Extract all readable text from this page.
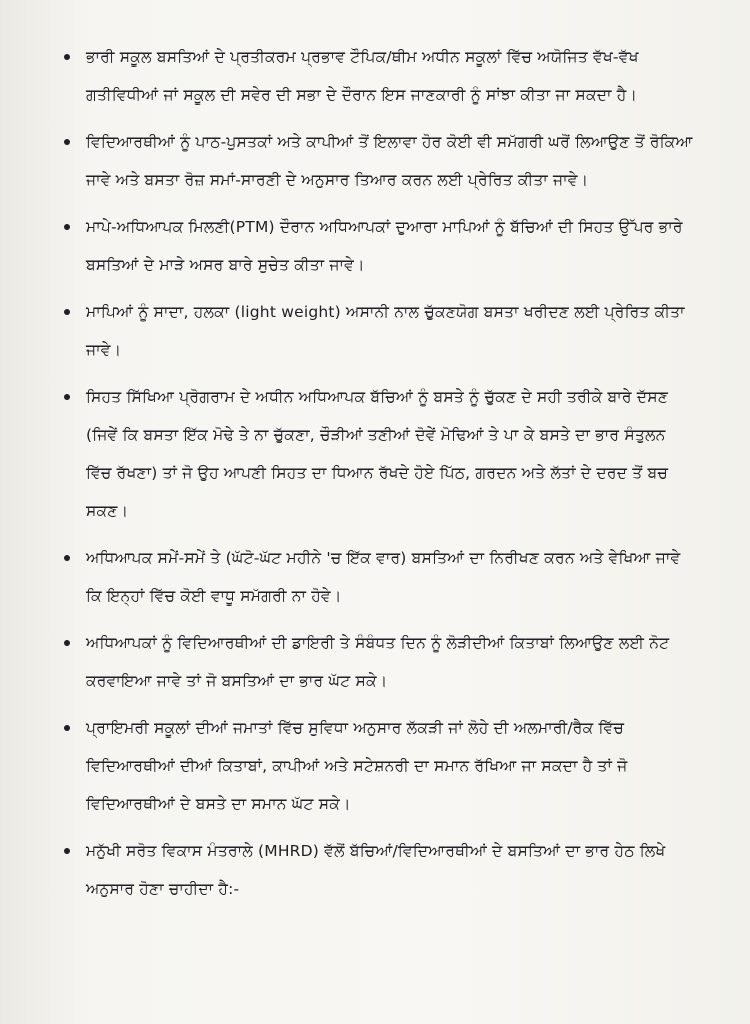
ਭਾਰੀ ਸਕੂਲ ਬਸਤਿਆਂ ਦੇ ਪ੍ਰਤੀਕਰਮ ਪ੍ਰਭਾਵ ਟੌਪਿਕ/ਥੀਮ ਅਧੀਨ ਸਕੂਲਾਂ ਵਿੱਚ ਅਯੋਜਿਤ ਵੱਖ-ਵੱਖ ਗਤੀਵਿਧੀਆਂ ਜਾਂ ਸਕੂਲ ਦੀ ਸਵੇਰ ਦੀ ਸਭਾ ਦੇ ਦੌਰਾਨ ਇਸ ਜਾਣਕਾਰੀ ਨੂੰ ਸਾਂਝਾ ਕੀਤਾ ਜਾ ਸਕਦਾ ਹੈ।
ਵਿਦਿਆਰਥੀਆਂ ਨੂੰ ਪਾਠ-ਪੁਸਤਕਾਂ ਅਤੇ ਕਾਪੀਆਂ ਤੋਂ ਇਲਾਵਾ ਹੋਰ ਕੋਈ ਵੀ ਸਮੱਗਰੀ ਘਰੋਂ ਲਿਆਉਣ ਤੋਂ ਰੋਕਿਆ ਜਾਵੇ ਅਤੇ ਬਸਤਾ ਰੋਜ਼ ਸਮਾਂ-ਸਾਰਣੀ ਦੇ ਅਨੁਸਾਰ ਤਿਆਰ ਕਰਨ ਲਈ ਪ੍ਰੇਰਿਤ ਕੀਤਾ ਜਾਵੇ।
ਮਾਪੇ-ਅਧਿਆਪਕ ਮਿਲਣੀ(PTM) ਦੌਰਾਨ ਅਧਿਆਪਕਾਂ ਦੁਆਰਾ ਮਾਪਿਆਂ ਨੂੰ ਬੱਚਿਆਂ ਦੀ ਸਿਹਤ ਉੱਪਰ ਭਾਰੇ ਬਸਤਿਆਂ ਦੇ ਮਾੜੇ ਅਸਰ ਬਾਰੇ ਸੁਚੇਤ ਕੀਤਾ ਜਾਵੇ।
ਮਾਪਿਆਂ ਨੂੰ ਸਾਦਾ, ਹਲਕਾ (light weight) ਅਸਾਨੀ ਨਾਲ ਚੁੱਕਣਯੋਗ ਬਸਤਾ ਖਰੀਦਣ ਲਈ ਪ੍ਰੇਰਿਤ ਕੀਤਾ ਜਾਵੇ।
ਸਿਹਤ ਸਿੱਖਿਆ ਪ੍ਰੋਗਰਾਮ ਦੇ ਅਧੀਨ ਅਧਿਆਪਕ ਬੱਚਿਆਂ ਨੂੰ ਬਸਤੇ ਨੂੰ ਚੁੱਕਣ ਦੇ ਸਹੀ ਤਰੀਕੇ ਬਾਰੇ ਦੱਸਣ (ਜਿਵੇਂ ਕਿ ਬਸਤਾ ਇੱਕ ਮੋਢੇ ਤੇ ਨਾ ਚੁੱਕਣਾ, ਚੌੜੀਆਂ ਤਣੀਆਂ ਦੋਵੇਂ ਮੋਢਿਆਂ ਤੇ ਪਾ ਕੇ ਬਸਤੇ ਦਾ ਭਾਰ ਸੰਤੁਲਨ ਵਿੱਚ ਰੱਖਣਾ) ਤਾਂ ਜੋ ਉਹ ਆਪਣੀ ਸਿਹਤ ਦਾ ਧਿਆਨ ਰੱਖਦੇ ਹੋਏ ਪਿੱਠ, ਗਰਦਨ ਅਤੇ ਲੱਤਾਂ ਦੇ ਦਰਦ ਤੋਂ ਬਚ ਸਕਣ।
ਅਧਿਆਪਕ ਸਮੇਂ-ਸਮੇਂ ਤੇ (ਘੱਟੋ-ਘੱਟ ਮਹੀਨੇ 'ਚ ਇੱਕ ਵਾਰ) ਬਸਤਿਆਂ ਦਾ ਨਿਰੀਖਣ ਕਰਨ ਅਤੇ ਵੇਖਿਆ ਜਾਵੇ ਕਿ ਇਨ੍ਹਾਂ ਵਿੱਚ ਕੋਈ ਵਾਧੂ ਸਮੱਗਰੀ ਨਾ ਹੋਵੇ।
ਅਧਿਆਪਕਾਂ ਨੂੰ ਵਿਦਿਆਰਥੀਆਂ ਦੀ ਡਾਇਰੀ ਤੇ ਸੰਬੰਧਤ ਦਿਨ ਨੂੰ ਲੋੜੀਦੀਆਂ ਕਿਤਾਬਾਂ ਲਿਆਉਣ ਲਈ ਨੋਟ ਕਰਵਾਇਆ ਜਾਵੇ ਤਾਂ ਜੋ ਬਸਤਿਆਂ ਦਾ ਭਾਰ ਘੱਟ ਸਕੇ।
ਪ੍ਰਾਇਮਰੀ ਸਕੂਲਾਂ ਦੀਆਂ ਜਮਾਤਾਂ ਵਿੱਚ ਸੁਵਿਧਾ ਅਨੁਸਾਰ ਲੱਕੜੀ ਜਾਂ ਲੋਹੇ ਦੀ ਅਲਮਾਰੀ/ਰੈਕ ਵਿੱਚ ਵਿਦਿਆਰਥੀਆਂ ਦੀਆਂ ਕਿਤਾਬਾਂ, ਕਾਪੀਆਂ ਅਤੇ ਸਟੇਸ਼ਨਰੀ ਦਾ ਸਮਾਨ ਰੱਖਿਆ ਜਾ ਸਕਦਾ ਹੈ ਤਾਂ ਜੋ ਵਿਦਿਆਰਥੀਆਂ ਦੇ ਬਸਤੇ ਦਾ ਸਮਾਨ ਘੱਟ ਸਕੇ।
ਮਨੁੱਖੀ ਸਰੋਤ ਵਿਕਾਸ ਮੰਤਰਾਲੇ (MHRD) ਵੱਲੋਂ ਬੱਚਿਆਂ/ਵਿਦਿਆਰਥੀਆਂ ਦੇ ਬਸਤਿਆਂ ਦਾ ਭਾਰ ਹੇਠ ਲਿਖੇ ਅਨੁਸਾਰ ਹੋਣਾ ਚਾਹੀਦਾ ਹੈ:-
